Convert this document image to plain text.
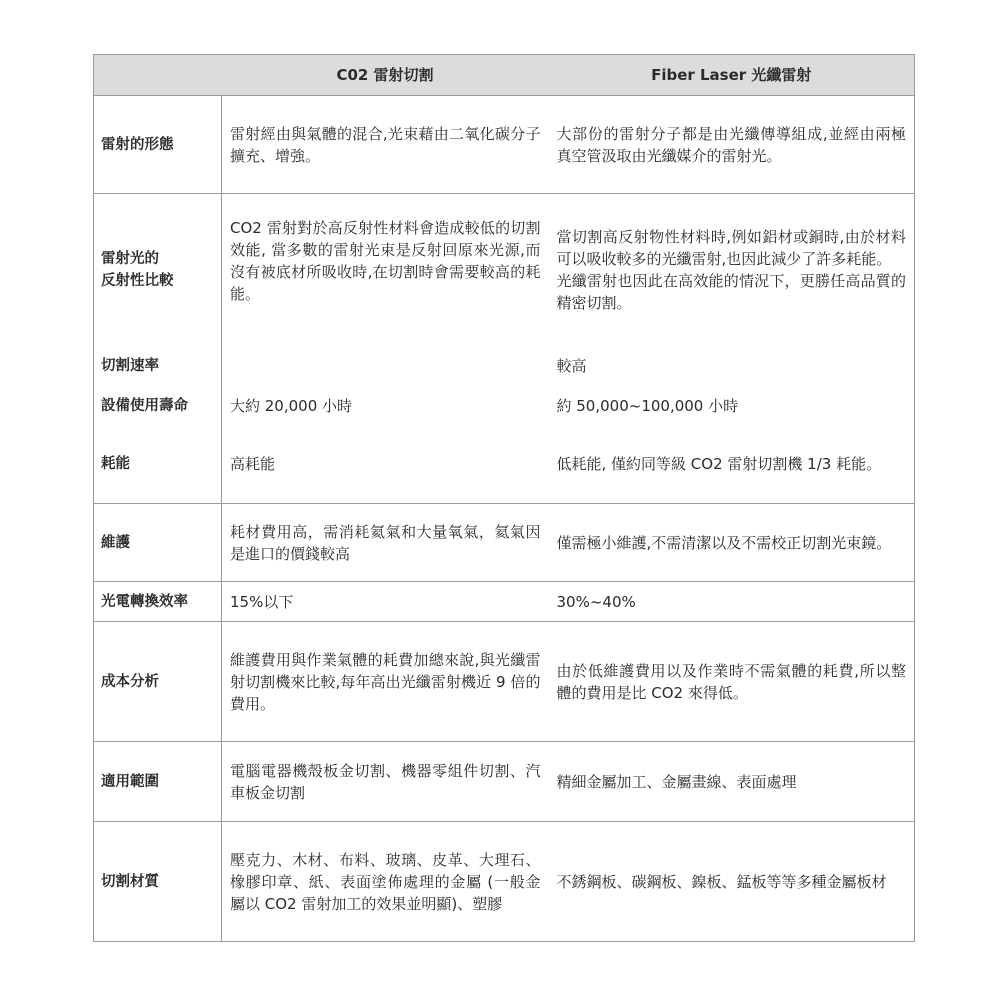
	C02 雷射切割	Fiber Laser 光纖雷射
雷射的形態	雷射經由與氣體的混合,光束藉由二氧化碳分子擴充、增強。	大部份的雷射分子都是由光纖傳導組成,並經由兩極真空管汲取由光纖媒介的雷射光。

雷射光的
反射性比較	CO2 雷射對於高反射性材料會造成較低的切割效能, 當多數的雷射光束是反射回原來光源,而沒有被底材所吸收時,在切割時會需要較高的耗能。	當切割高反射物性材料時,例如鋁材或銅時,由於材料可以吸收較多的光纖雷射,也因此減少了許多耗能。
光纖雷射也因此在高效能的情況下，更勝任高品質的精密切割。

切割速率		較高

設備使用壽命	大約 20,000 小時	約 50,000~100,000 小時

耗能	高耗能	低耗能, 僅約同等級 CO2 雷射切割機 1/3 耗能。

維護	耗材費用高，需消耗氦氣和大量氧氣，氦氣因是進口的價錢較高	僅需極小維護,不需清潔以及不需校正切割光束鏡。

光電轉換效率	15%以下	30%~40%

成本分析	維護費用與作業氣體的耗費加總來說,與光纖雷射切割機來比較,每年高出光纖雷射機近 9 倍的費用。	由於低維護費用以及作業時不需氣體的耗費,所以整體的費用是比 CO2 來得低。

適用範圍	電腦電器機殼板金切割、機器零組件切割、汽車板金切割	精細金屬加工、金屬畫線、表面處理

切割材質	壓克力、木材、布料、玻璃、皮革、大理石、橡膠印章、紙、表面塗佈處理的金屬 (一般金屬以 CO2 雷射加工的效果並明顯)、塑膠	不銹鋼板、碳鋼板、鎳板、錳板等等多種金屬板材
